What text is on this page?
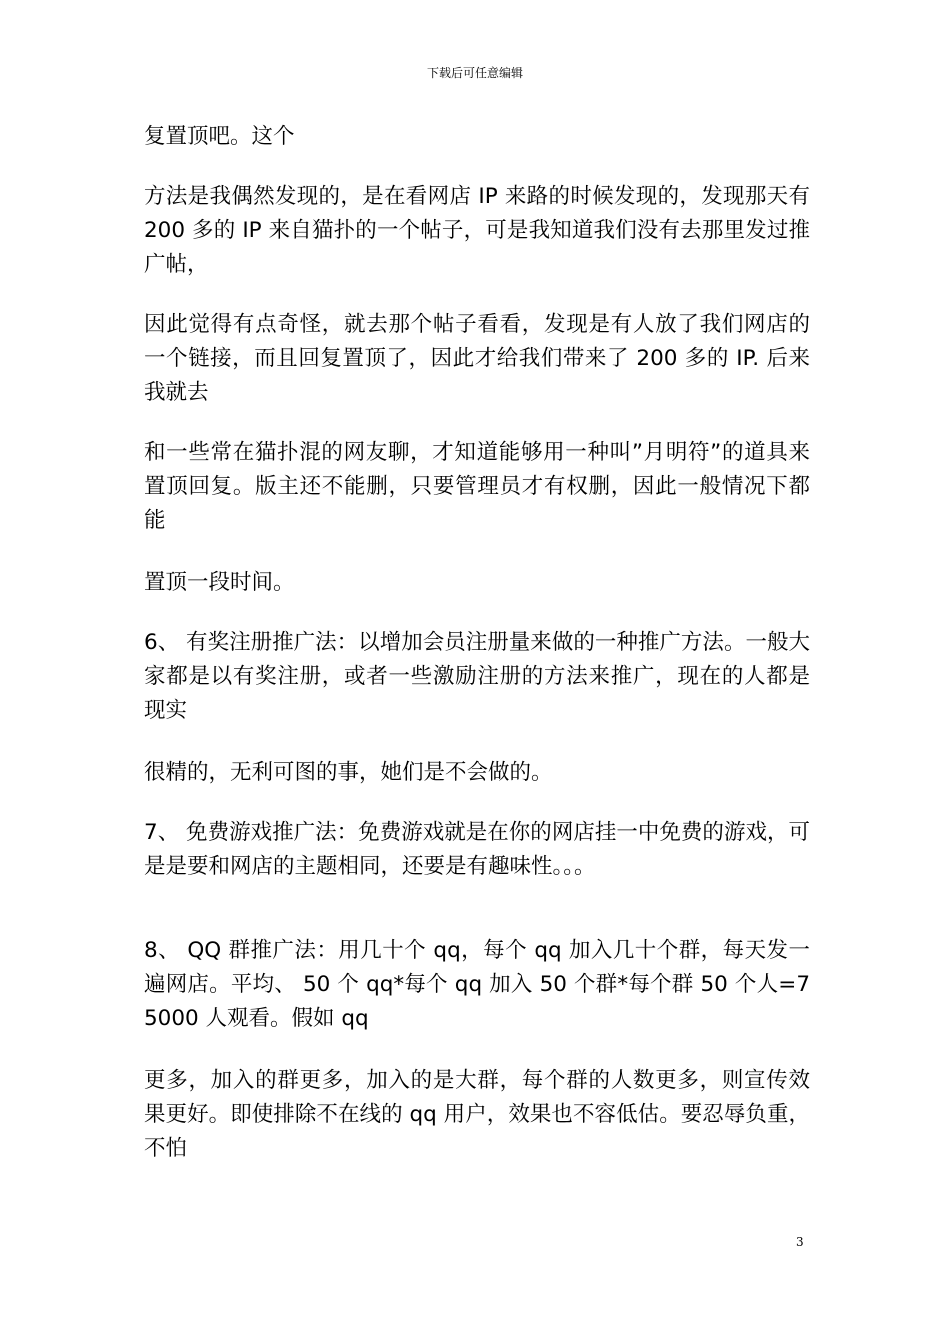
下载后可任意编辑

复置顶吧。这个

方法是我偶然发现的，是在看网店 IP 来路的时候发现的，发现那天有 200 多的 IP 来自猫扑的一个帖子，可是我知道我们没有去那里发过推广帖，

因此觉得有点奇怪，就去那个帖子看看，发现是有人放了我们网店的一个链接，而且回复置顶了，因此才给我们带来了 200 多的 IP. 后来我就去

和一些常在猫扑混的网友聊，才知道能够用一种叫”月明符”的道具来置顶回复。版主还不能删，只要管理员才有权删，因此一般情况下都能

置顶一段时间。

6、 有奖注册推广法：以增加会员注册量来做的一种推广方法。一般大家都是以有奖注册，或者一些激励注册的方法来推广，现在的人都是现实

很精的，无利可图的事，她们是不会做的。

7、 免费游戏推广法：免费游戏就是在你的网店挂一中免费的游戏，可是是要和网店的主题相同，还要是有趣味性。。。

8、 QQ 群推广法：用几十个 qq，每个 qq 加入几十个群，每天发一遍网店。平均、 50 个 qq*每个 qq 加入 50 个群*每个群 50 个人=75000 人观看。假如 qq

更多，加入的群更多，加入的是大群，每个群的人数更多，则宣传效果更好。即使排除不在线的 qq 用户，效果也不容低估。要忍辱负重，不怕

3
